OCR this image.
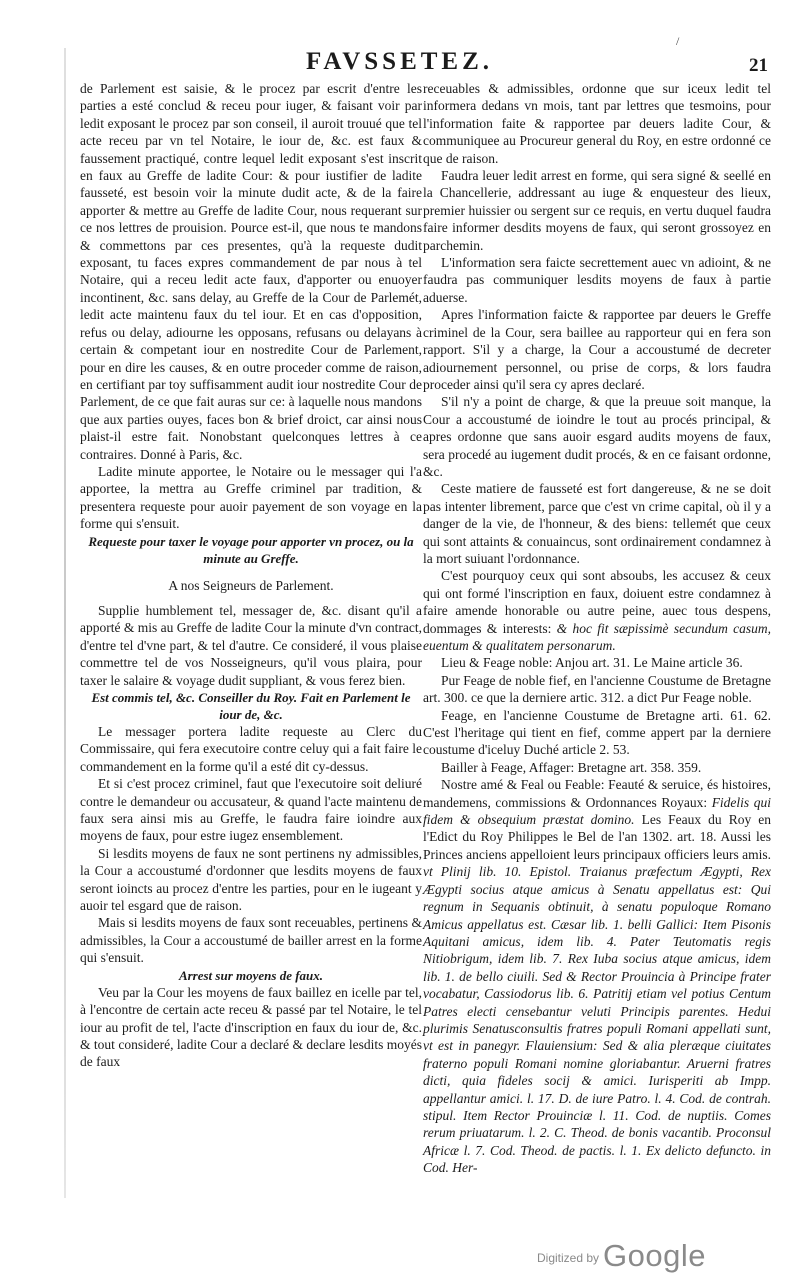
/
FAVSSETEZ.	21

de Parlement est saisie, & le procez par escrit d'entre les parties a esté conclud & receu pour iuger, & faisant voir par ledit exposant le procez par son conseil, il auroit trouué que tel acte receu par vn tel Notaire, le iour de, &c. est faux & faussement practiqué, contre lequel ledit exposant s'est inscrit en faux au Greffe de ladite Cour: & pour iustifier de ladite fausseté, est besoin voir la minute dudit acte, & de la faire apporter & mettre au Greffe de ladite Cour, nous requerant sur ce nos lettres de prouision. Pource est-il, que nous te mandons & commettons par ces presentes, qu'à la requeste dudit exposant, tu faces expres commandement de par nous à tel Notaire, qui a receu ledit acte faux, d'apporter ou enuoyer incontinent, &c. sans delay, au Greffe de la Cour de Parlemét, ledit acte maintenu faux du tel iour. Et en cas d'opposition, refus ou delay, adiourne les opposans, refusans ou delayans à certain & competant iour en nostredite Cour de Parlement, pour en dire les causes, & en outre proceder comme de raison, en certifiant par toy suffisamment audit iour nostredite Cour de Parlement, de ce que fait auras sur ce: à laquelle nous mandons que aux parties ouyes, faces bon & brief droict, car ainsi nous plaist-il estre fait. Nonobstant quelconques lettres à ce contraires. Donné à Paris, &c.

Ladite minute apportee, le Notaire ou le messager qui l'a apportee, la mettra au Greffe criminel par tradition, & presentera requeste pour auoir payement de son voyage en la forme qui s'ensuit.

Requeste pour taxer le voyage pour apporter vn procez, ou la minute au Greffe.

A nos Seigneurs de Parlement.

Supplie humblement tel, messager de, &c. disant qu'il a apporté & mis au Greffe de ladite Cour la minute d'vn contract, d'entre tel d'vne part, & tel d'autre. Ce consideré, il vous plaise commettre tel de vos Nosseigneurs, qu'il vous plaira, pour taxer le salaire & voyage dudit suppliant, & vous ferez bien.

Est commis tel, &c. Conseiller du Roy. Fait en Parlement le iour de, &c.

Le messager portera ladite requeste au Clerc du Commissaire, qui fera executoire contre celuy qui a fait faire le commandement en la forme qu'il a esté dit cy-dessus.

Et si c'est procez criminel, faut que l'executoire soit deliuré contre le demandeur ou accusateur, & quand l'acte maintenu de faux sera ainsi mis au Greffe, le faudra faire ioindre aux moyens de faux, pour estre iugez ensemblement.

Si lesdits moyens de faux ne sont pertinens ny admissibles, la Cour a accoustumé d'ordonner que lesdits moyens de faux seront ioincts au procez d'entre les parties, pour en le iugeant y auoir tel esgard que de raison.

Mais si lesdits moyens de faux sont receuables, pertinens & admissibles, la Cour a accoustumé de bailler arrest en la forme qui s'ensuit.

Arrest sur moyens de faux.

Veu par la Cour les moyens de faux baillez en icelle par tel, à l'encontre de certain acte receu & passé par tel Notaire, le tel iour au profit de tel, l'acte d'inscription en faux du iour de, &c. & tout consideré, ladite Cour a declaré & declare lesdits moyés de faux

receuables & admissibles, ordonne que sur iceux ledit tel informera dedans vn mois, tant par lettres que tesmoins, pour l'information faite & rapportee par deuers ladite Cour, & communiquee au Procureur general du Roy, en estre ordonné ce que de raison.

Faudra leuer ledit arrest en forme, qui sera signé & seellé en la Chancellerie, addressant au iuge & enquesteur des lieux, premier huissier ou sergent sur ce requis, en vertu duquel faudra faire informer desdits moyens de faux, qui seront grossoyez en parchemin.

L'information sera faicte secrettement auec vn adioint, & ne faudra pas communiquer lesdits moyens de faux à partie aduerse.

Apres l'information faicte & rapportee par deuers le Greffe criminel de la Cour, sera baillee au rapporteur qui en fera son rapport. S'il y a charge, la Cour a accoustumé de decreter adiournement personnel, ou prise de corps, & lors faudra proceder ainsi qu'il sera cy apres declaré.

S'il n'y a point de charge, & que la preuue soit manque, la Cour a accoustumé de ioindre le tout au procés principal, & apres ordonne que sans auoir esgard audits moyens de faux, sera procedé au iugement dudit procés, & en ce faisant ordonne, &c.

Ceste matiere de fausseté est fort dangereuse, & ne se doit pas intenter librement, parce que c'est vn crime capital, où il y a danger de la vie, de l'honneur, & des biens: tellemét que ceux qui sont attaints & conuaincus, sont ordinairement condamnez à la mort suiuant l'ordonnance.

C'est pourquoy ceux qui sont absoubs, les accusez & ceux qui ont formé l'inscription en faux, doiuent estre condamnez à faire amende honorable ou autre peine, auec tous despens, dommages & interests: & hoc fit sæpissimè secundum casum, euentum & qualitatem personarum.

Lieu & Feage noble: Anjou art. 31. Le Maine article 36.

Pur Feage de noble fief, en l'ancienne Coustume de Bretagne art. 300. ce que la derniere artic. 312. a dict Pur Feage noble.

Feage, en l'ancienne Coustume de Bretagne arti. 61. 62. C'est l'heritage qui tient en fief, comme appert par la derniere coustume d'iceluy Duché article 2. 53.

Bailler à Feage, Affager: Bretagne art. 358. 359.

Nostre amé & Feal ou Feable: Feauté & seruice, és histoires, mandemens, commissions & Ordonnances Royaux: Fidelis qui fidem & obsequium præstat domino. Les Feaux du Roy en l'Edict du Roy Philippes le Bel de l'an 1302. art. 18. Aussi les Princes anciens appelloient leurs principaux officiers leurs amis. vt Plinij lib. 10. Epistol. Traianus præfectum Ægypti, Rex Ægypti socius atque amicus à Senatu appellatus est: Qui regnum in Sequanis obtinuit, à senatu populoque Romano Amicus appellatus est. Cæsar lib. 1. belli Gallici: Item Pisonis Aquitani amicus, idem lib. 4. Pater Teutomatis regis Nitiobrigum, idem lib. 7. Rex Iuba socius atque amicus, idem lib. 1. de bello ciuili. Sed & Rector Prouincia à Principe frater vocabatur, Cassiodorus lib. 6. Patritij etiam vel potius Centum Patres electi censebantur veluti Principis parentes. Hedui plurimis Senatusconsultis fratres populi Romani appellati sunt, vt est in panegyr. Flauiensium: Sed & alia pleræque ciuitates fraterno populi Romani nomine gloriabantur. Aruerni fratres dicti, quia fideles socij & amici. Iurisperiti ab Impp. appellantur amici. l. 17. D. de iure Patro. l. 4. Cod. de contrah. stipul. Item Rector Prouinciæ l. 11. Cod. de nuptiis. Comes rerum priuatarum. l. 2. C. Theod. de bonis vacantib. Proconsul Africæ l. 7. Cod. Theod. de pactis. l. 1. Ex delicto defuncto. in Cod. Her-

$^{Digitized by}$ Google
